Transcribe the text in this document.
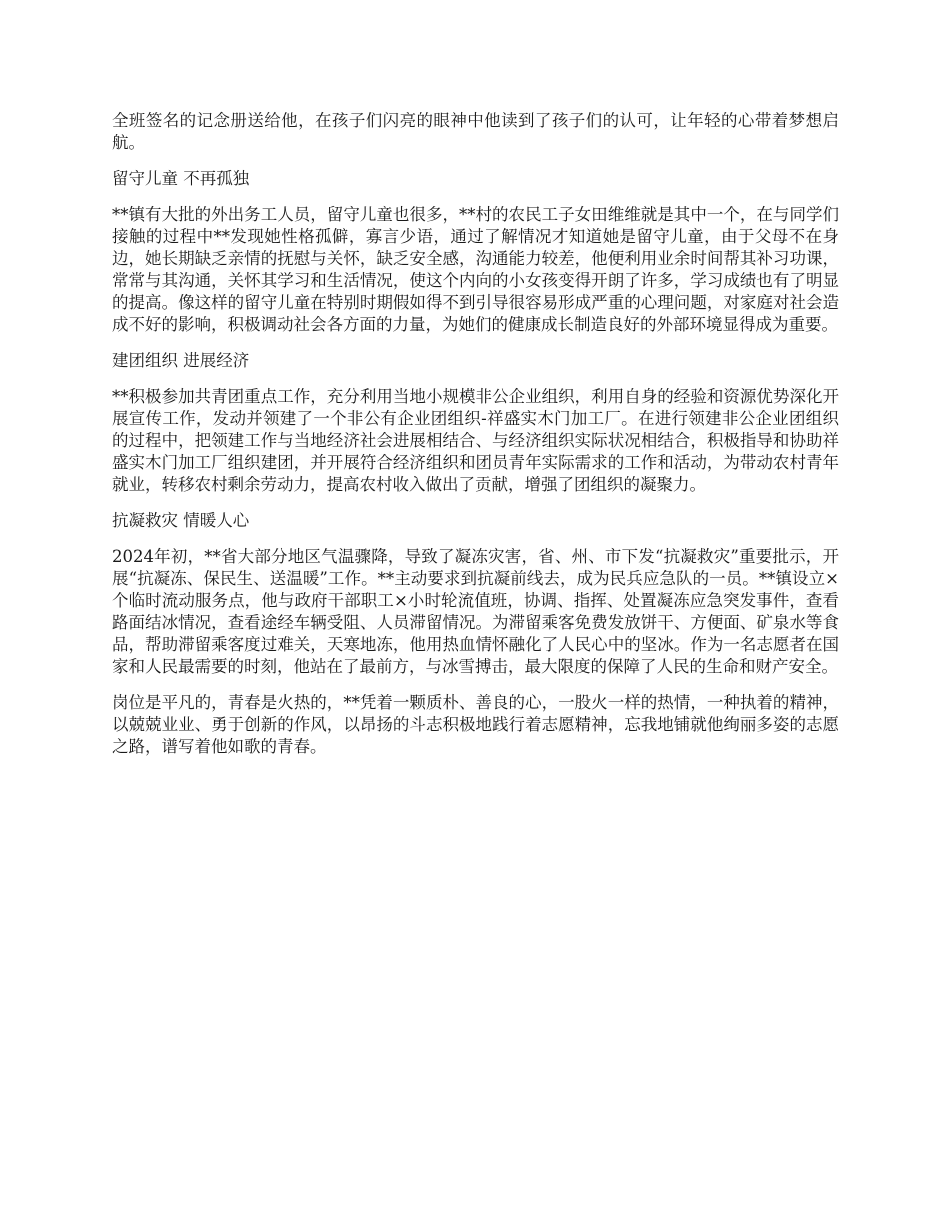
全班签名的记念册送给他，在孩子们闪亮的眼神中他读到了孩子们的认可，让年轻的心带着梦想启航。

留守儿童 不再孤独

**镇有大批的外出务工人员，留守儿童也很多，**村的农民工子女田维维就是其中一个，在与同学们接触的过程中**发现她性格孤僻，寡言少语，通过了解情况才知道她是留守儿童，由于父母不在身边，她长期缺乏亲情的抚慰与关怀，缺乏安全感，沟通能力较差，他便利用业余时间帮其补习功课，常常与其沟通，关怀其学习和生活情况，使这个内向的小女孩变得开朗了许多，学习成绩也有了明显的提高。像这样的留守儿童在特别时期假如得不到引导很容易形成严重的心理问题，对家庭对社会造成不好的影响，积极调动社会各方面的力量，为她们的健康成长制造良好的外部环境显得成为重要。

建团组织 进展经济

**积极参加共青团重点工作，充分利用当地小规模非公企业组织，利用自身的经验和资源优势深化开展宣传工作，发动并领建了一个非公有企业团组织-祥盛实木门加工厂。在进行领建非公企业团组织的过程中，把领建工作与当地经济社会进展相结合、与经济组织实际状况相结合，积极指导和协助祥盛实木门加工厂组织建团，并开展符合经济组织和团员青年实际需求的工作和活动，为带动农村青年就业，转移农村剩余劳动力，提高农村收入做出了贡献，增强了团组织的凝聚力。

抗凝救灾 情暖人心

2024年初，**省大部分地区气温骤降，导致了凝冻灾害，省、州、市下发“抗凝救灾”重要批示，开展“抗凝冻、保民生、送温暖”工作。**主动要求到抗凝前线去，成为民兵应急队的一员。**镇设立×个临时流动服务点，他与政府干部职工×小时轮流值班，协调、指挥、处置凝冻应急突发事件，查看路面结冰情况，查看途经车辆受阻、人员滞留情况。为滞留乘客免费发放饼干、方便面、矿泉水等食品，帮助滞留乘客度过难关，天寒地冻，他用热血情怀融化了人民心中的坚冰。作为一名志愿者在国家和人民最需要的时刻，他站在了最前方，与冰雪搏击，最大限度的保障了人民的生命和财产安全。

岗位是平凡的，青春是火热的，**凭着一颗质朴、善良的心，一股火一样的热情，一种执着的精神，以兢兢业业、勇于创新的作风，以昂扬的斗志积极地践行着志愿精神，忘我地铺就他绚丽多姿的志愿之路，谱写着他如歌的青春。
